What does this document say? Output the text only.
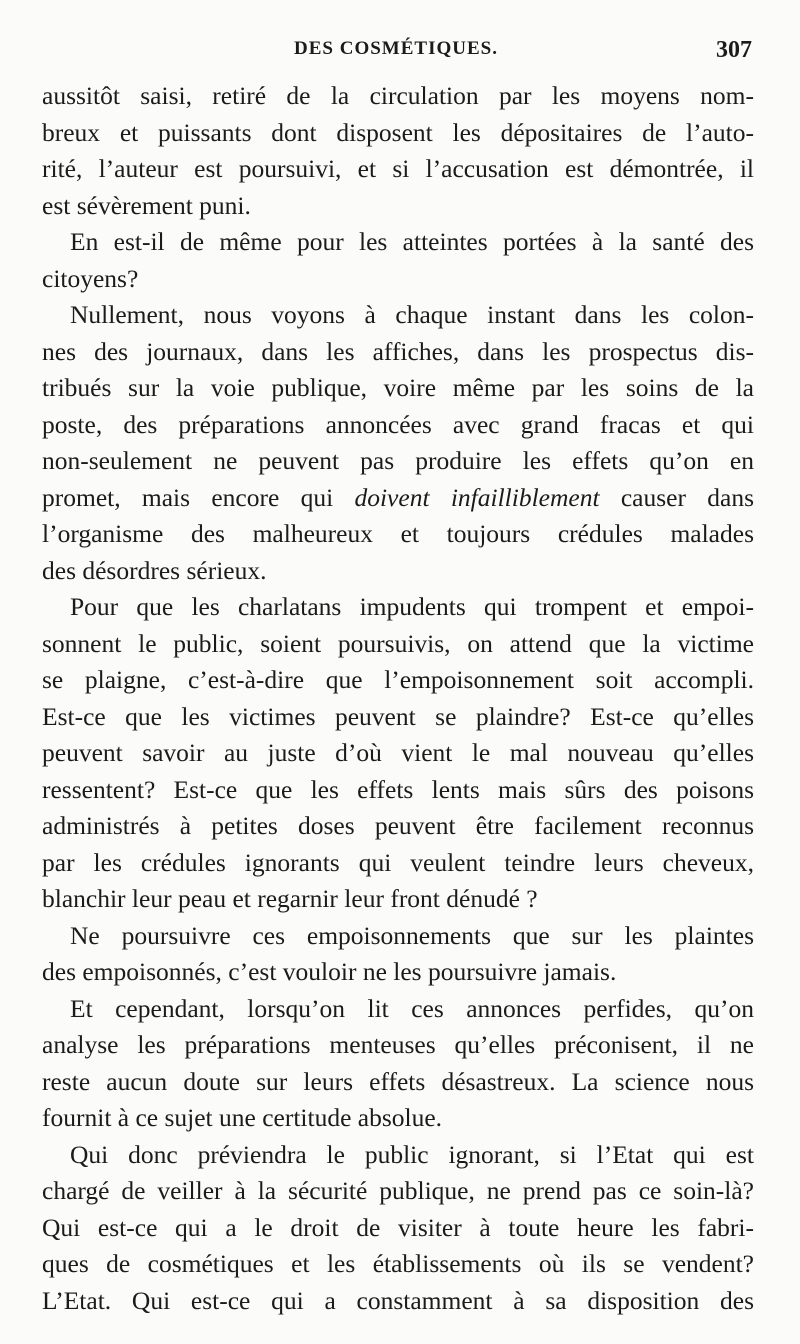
DES COSMÉTIQUES.	307

aussitôt saisi, retiré de la circulation par les moyens nom-
breux et puissants dont disposent les dépositaires de l’auto-
rité, l’auteur est poursuivi, et si l’accusation est démontrée, il
est sévèrement puni.

En est-il de même pour les atteintes portées à la santé des
citoyens?

Nullement, nous voyons à chaque instant dans les colon-
nes des journaux, dans les affiches, dans les prospectus dis-
tribués sur la voie publique, voire même par les soins de la
poste, des préparations annoncées avec grand fracas et qui
non-seulement ne peuvent pas produire les effets qu’on en
promet, mais encore qui doivent infailliblement causer dans
l’organisme des malheureux et toujours crédules malades
des désordres sérieux.

Pour que les charlatans impudents qui trompent et empoi-
sonnent le public, soient poursuivis, on attend que la victime
se plaigne, c’est-à-dire que l’empoisonnement soit accompli.
Est-ce que les victimes peuvent se plaindre? Est-ce qu’elles
peuvent savoir au juste d’où vient le mal nouveau qu’elles
ressentent? Est-ce que les effets lents mais sûrs des poisons
administrés à petites doses peuvent être facilement reconnus
par les crédules ignorants qui veulent teindre leurs cheveux,
blanchir leur peau et regarnir leur front dénudé ?

Ne poursuivre ces empoisonnements que sur les plaintes
des empoisonnés, c’est vouloir ne les poursuivre jamais.

Et cependant, lorsqu’on lit ces annonces perfides, qu’on
analyse les préparations menteuses qu’elles préconisent, il ne
reste aucun doute sur leurs effets désastreux. La science nous
fournit à ce sujet une certitude absolue.

Qui donc préviendra le public ignorant, si l’Etat qui est
chargé de veiller à la sécurité publique, ne prend pas ce soin-là?
Qui est-ce qui a le droit de visiter à toute heure les fabri-
ques de cosmétiques et les établissements où ils se vendent?
L’Etat. Qui est-ce qui a constamment à sa disposition des
